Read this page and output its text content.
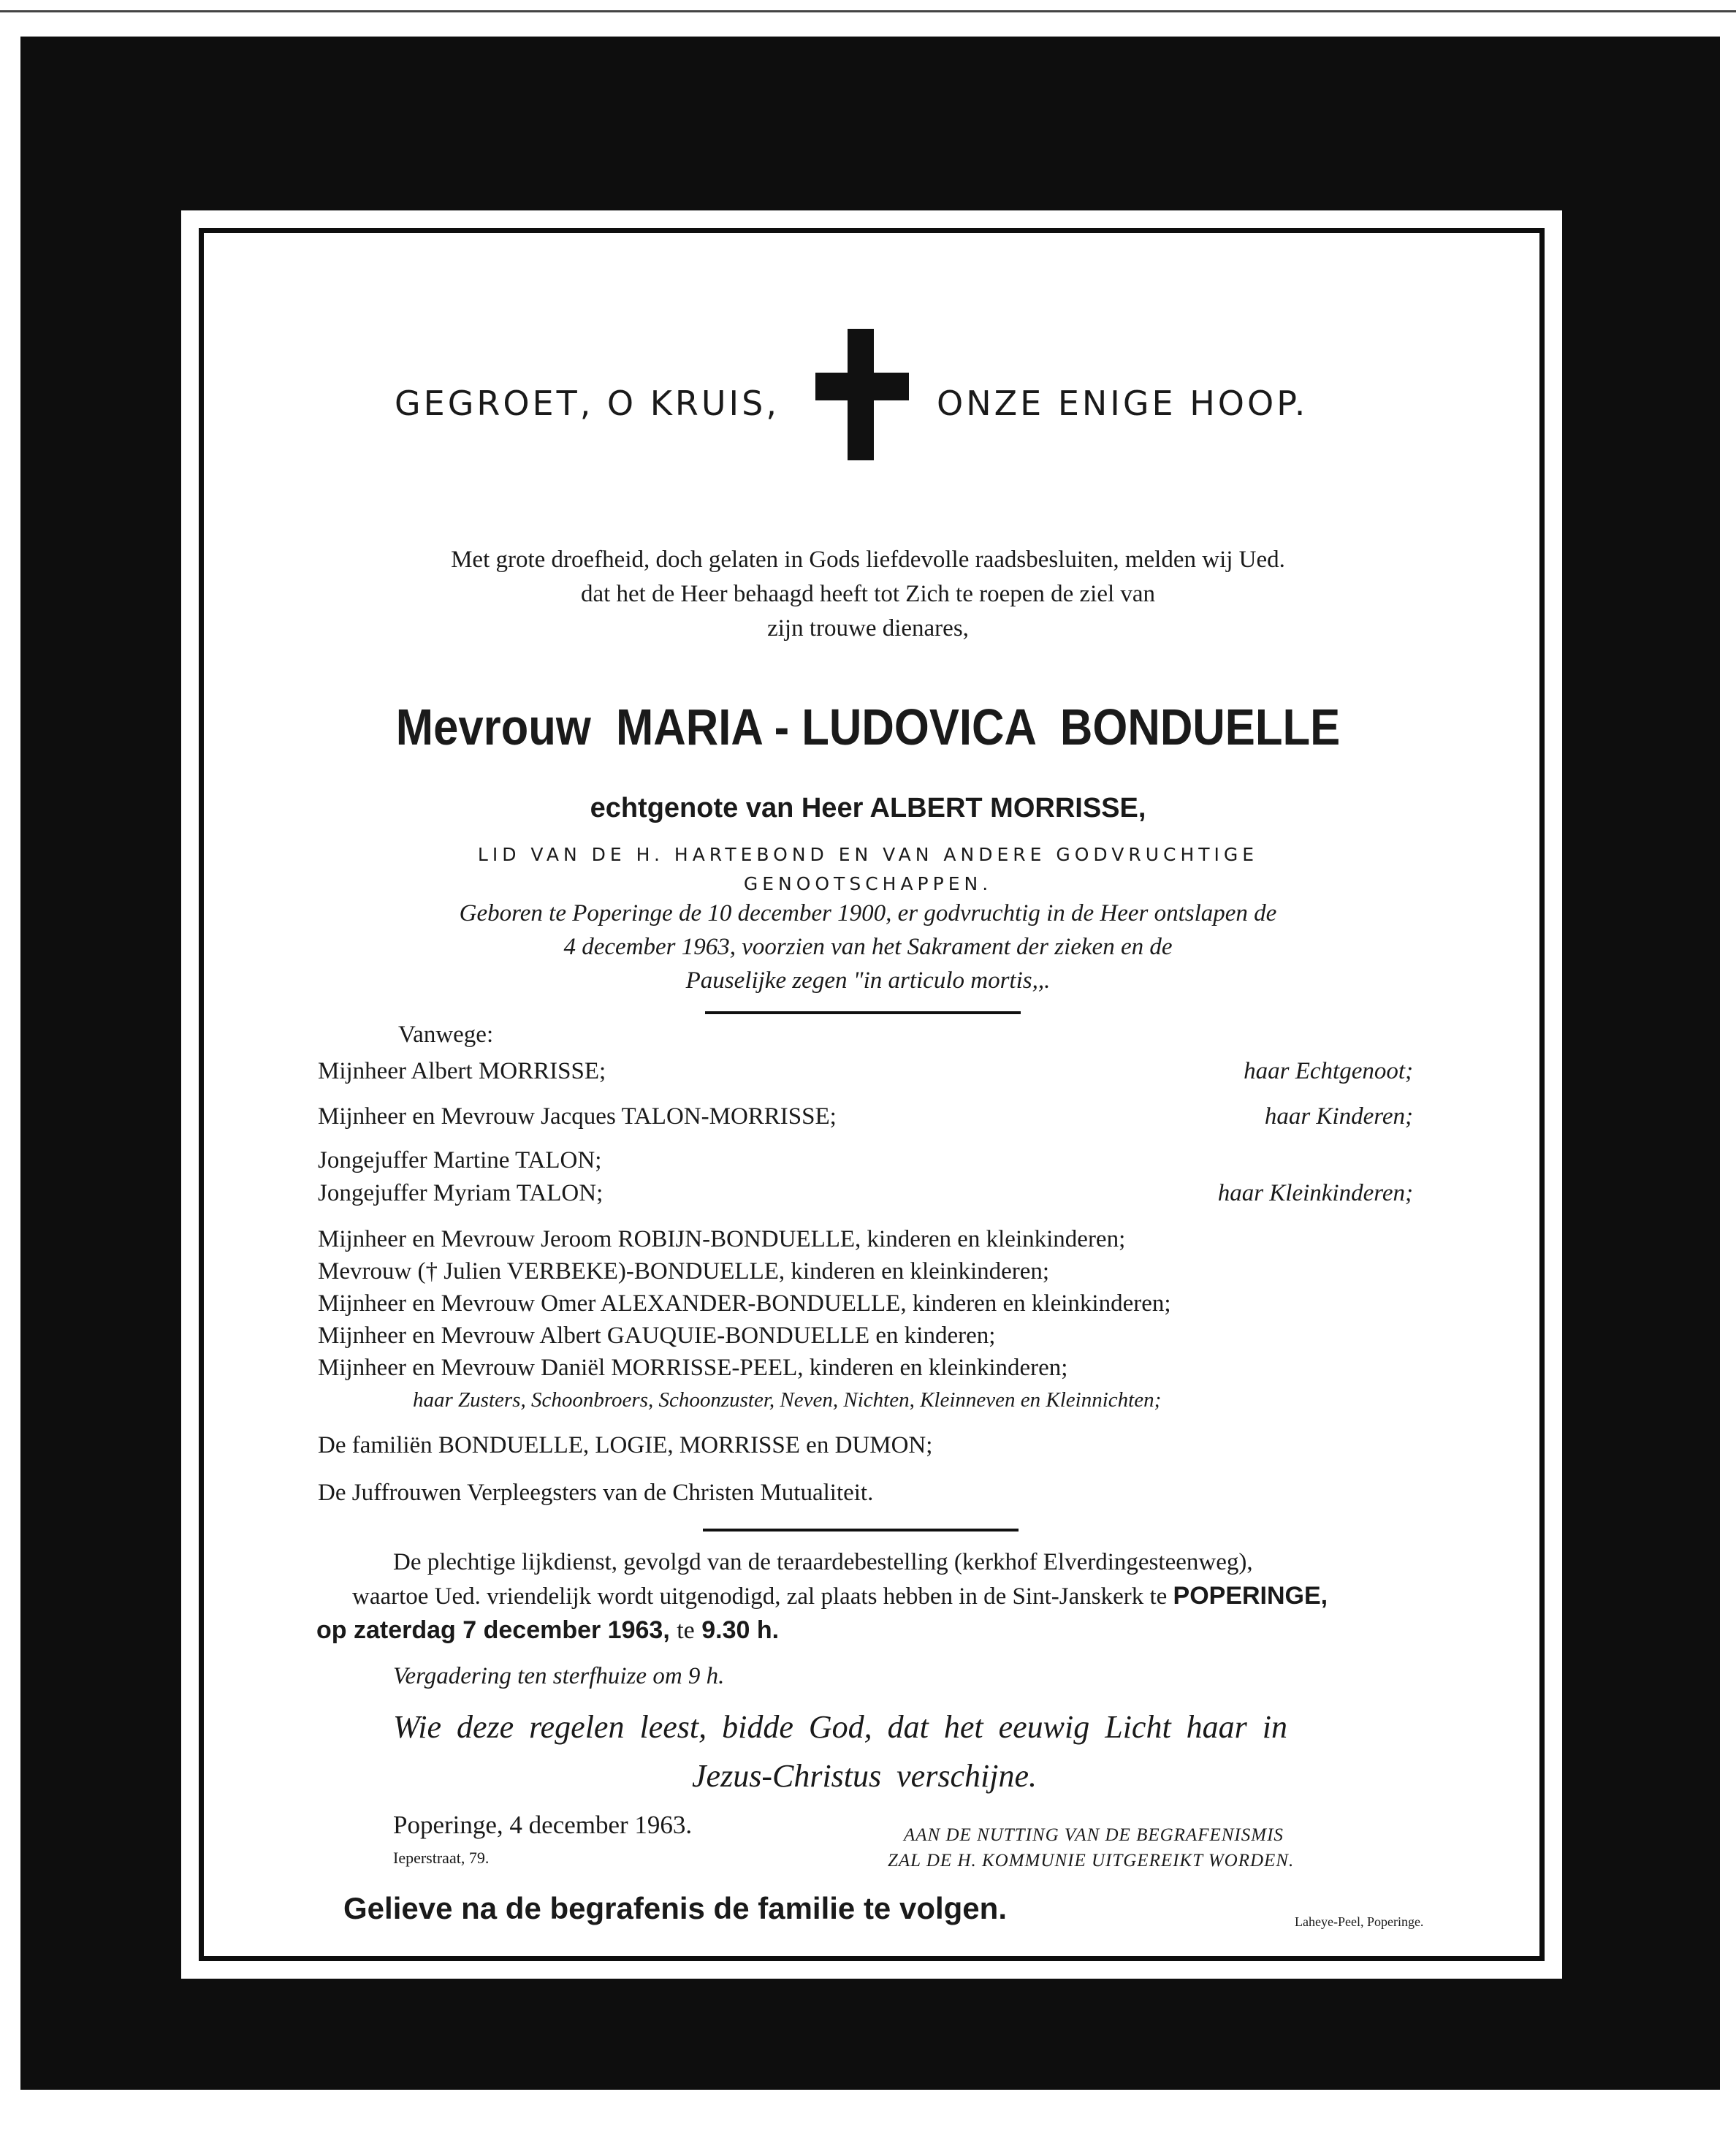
GEGROET, O KRUIS,	ONZE ENIGE HOOP.
Met grote droefheid, doch gelaten in Gods liefdevolle raadsbesluiten, melden wij Ued.
dat het de Heer behaagd heeft tot Zich te roepen de ziel van
zijn trouwe dienares,
Mevrouw  MARIA - LUDOVICA  BONDUELLE
echtgenote van Heer ALBERT MORRISSE,
LID VAN DE H. HARTEBOND EN VAN ANDERE GODVRUCHTIGE
GENOOTSCHAPPEN.
Geboren te Poperinge de 10 december 1900, er godvruchtig in de Heer ontslapen de
4 december 1963, voorzien van het Sakrament der zieken en de
Pauselijke zegen "in articulo mortis,,.
Vanwege:
Mijnheer Albert MORRISSE;	haar Echtgenoot;
Mijnheer en Mevrouw Jacques TALON-MORRISSE;	haar Kinderen;
Jongejuffer Martine TALON;
Jongejuffer Myriam TALON;	haar Kleinkinderen;
Mijnheer en Mevrouw Jeroom ROBIJN-BONDUELLE, kinderen en kleinkinderen;
Mevrouw († Julien VERBEKE)-BONDUELLE, kinderen en kleinkinderen;
Mijnheer en Mevrouw Omer ALEXANDER-BONDUELLE, kinderen en kleinkinderen;
Mijnheer en Mevrouw Albert GAUQUIE-BONDUELLE en kinderen;
Mijnheer en Mevrouw Daniël MORRISSE-PEEL, kinderen en kleinkinderen;
haar Zusters, Schoonbroers, Schoonzuster, Neven, Nichten, Kleinneven en Kleinnichten;
De familiën BONDUELLE, LOGIE, MORRISSE en DUMON;
De Juffrouwen Verpleegsters van de Christen Mutualiteit.
De plechtige lijkdienst, gevolgd van de teraardebestelling (kerkhof Elverdingesteenweg),
waartoe Ued. vriendelijk wordt uitgenodigd, zal plaats hebben in de Sint-Janskerk te POPERINGE,
op zaterdag 7 december 1963, te 9.30 h.
Vergadering ten sterfhuize om 9 h.
Wie deze regelen leest, bidde God, dat het eeuwig Licht haar in
Jezus-Christus verschijne.
Poperinge, 4 december 1963.
Ieperstraat, 79.
AAN DE NUTTING VAN DE BEGRAFENISMIS
ZAL DE H. KOMMUNIE UITGEREIKT WORDEN.
Gelieve na de begrafenis de familie te volgen.	Laheye-Peel, Poperinge.
